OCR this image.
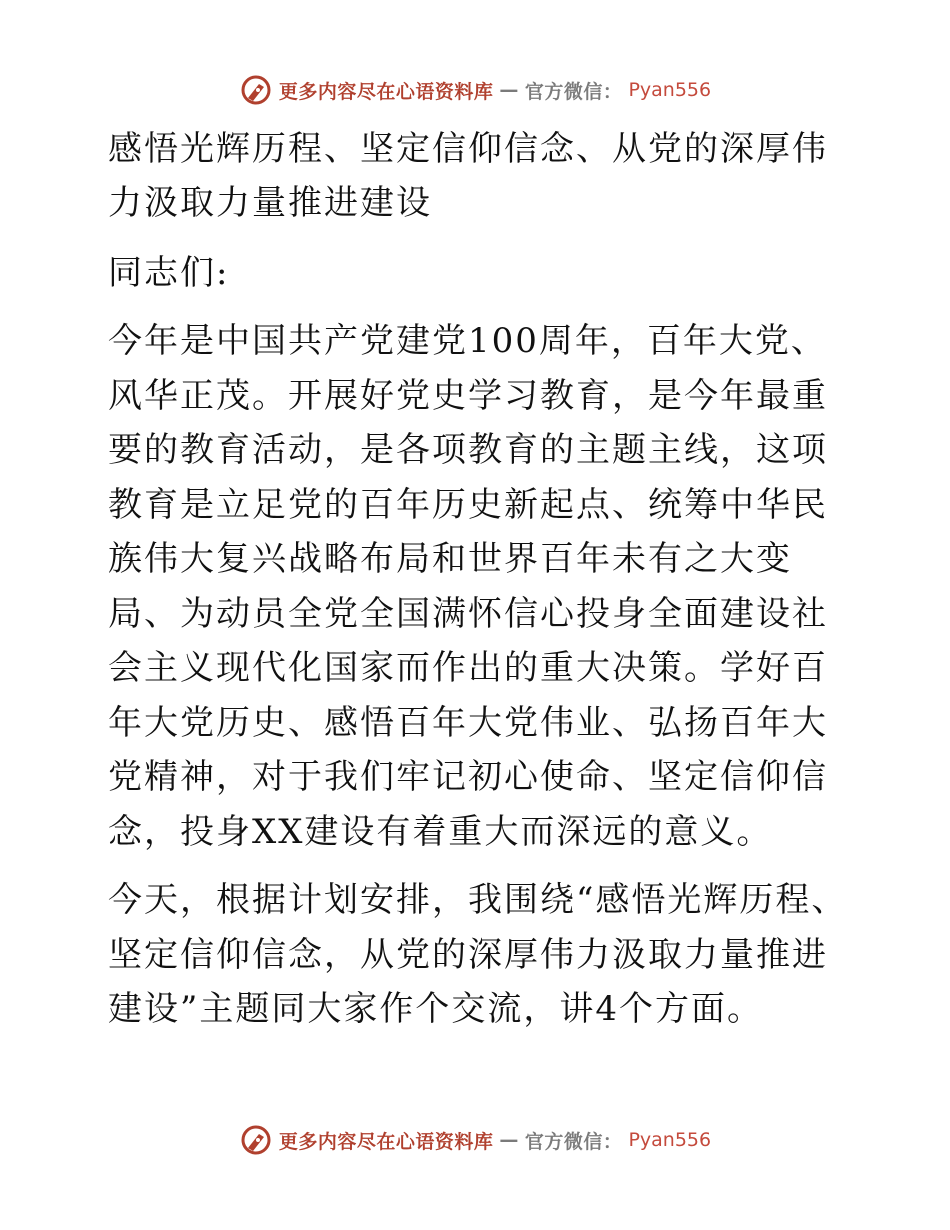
更多内容尽在心语资料库 — 官方微信： Pyan556
感悟光辉历程、坚定信仰信念、从党的深厚伟力汲取力量推进建设

同志们:

今年是中国共产党建党100周年，百年大党、风华正茂。开展好党史学习教育，是今年最重要的教育活动，是各项教育的主题主线，这项教育是立足党的百年历史新起点、统筹中华民族伟大复兴战略布局和世界百年未有之大变局、为动员全党全国满怀信心投身全面建设社会主义现代化国家而作出的重大决策。学好百年大党历史、感悟百年大党伟业、弘扬百年大党精神，对于我们牢记初心使命、坚定信仰信念，投身XX建设有着重大而深远的意义。

今天，根据计划安排，我围绕“感悟光辉历程、坚定信仰信念，从党的深厚伟力汲取力量推进建设”主题同大家作个交流，讲4个方面。

更多内容尽在心语资料库 — 官方微信： Pyan556
